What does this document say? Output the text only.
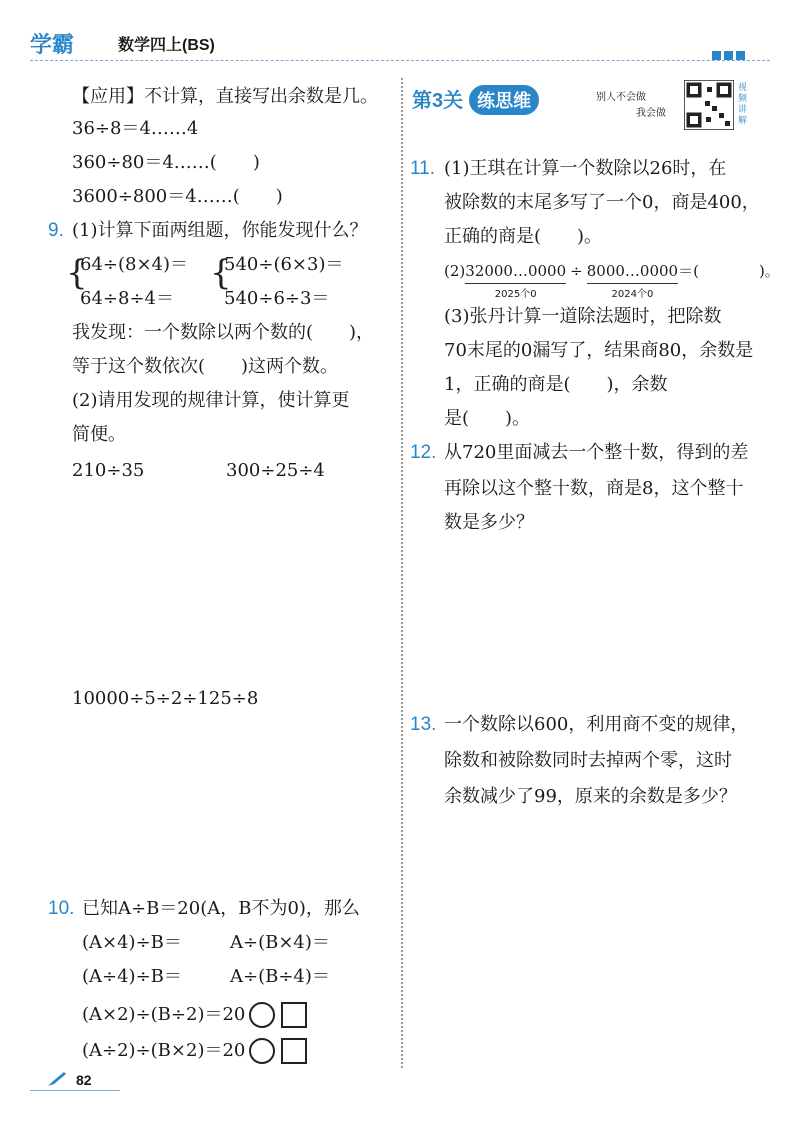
学霸	数学四上(BS)
【应用】不计算，直接写出余数是几。
36÷8＝4……4
360÷80＝4……(　　)
3600÷800＝4……(　　)
9. (1)计算下面两组题，你能发现什么？
{
64÷(8×4)＝
64÷8÷4＝
{
540÷(6×3)＝
540÷6÷3＝
我发现：一个数除以两个数的(　　)，
等于这个数依次(　　)这两个数。
(2)请用发现的规律计算，使计算更
简便。
210÷35	300÷25÷4
10000÷5÷2÷125÷8
10. 已知A÷B＝20(A，B不为0)，那么
(A×4)÷B＝	A÷(B×4)＝
(A÷4)÷B＝	A÷(B÷4)＝
(A×2)÷(B÷2)＝20
(A÷2)÷(B×2)＝20
第3关 练思维	别人不会做
我会做
视频讲解
11. (1)王琪在计算一个数除以26时，在
被除数的末尾多写了一个0，商是400，
正确的商是(　　)。
(2) 32000…0000
2025个0
÷ 8000…0000
2024个0
＝(　　　　)。
(3)张丹计算一道除法题时，把除数
70末尾的0漏写了，结果商80，余数是
1，正确的商是(　　)，余数
是(　　)。
12. 从720里面减去一个整十数，得到的差
再除以这个整十数，商是8，这个整十
数是多少？
13. 一个数除以600，利用商不变的规律，
除数和被除数同时去掉两个零，这时
余数减少了99，原来的余数是多少？
82
